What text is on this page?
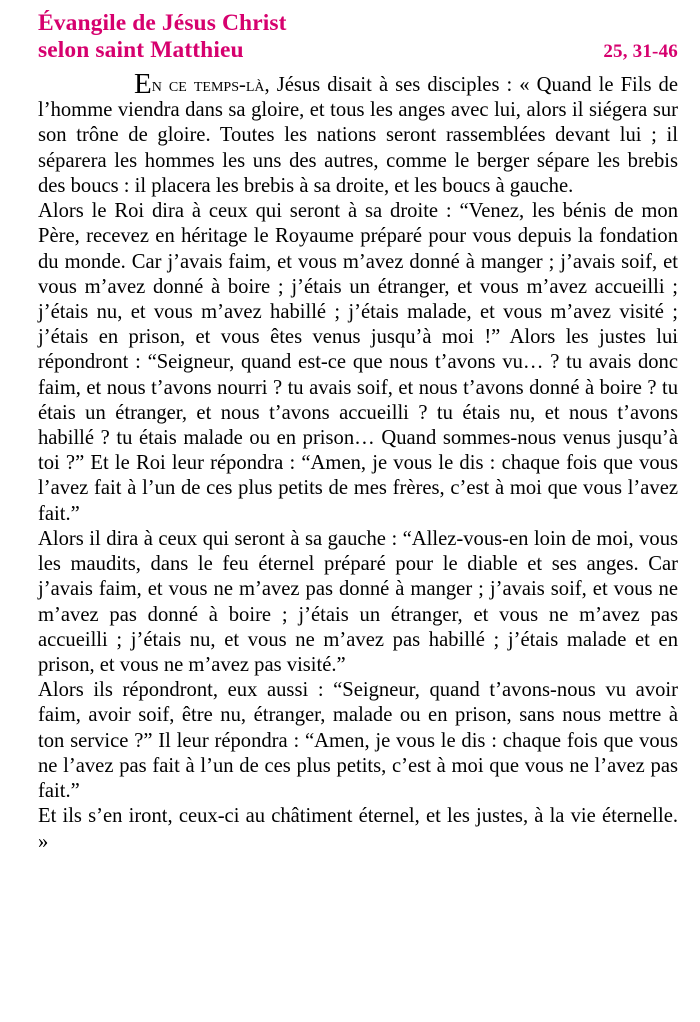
Évangile de Jésus Christ
selon saint Matthieu	25, 31-46

En ce temps-là, Jésus disait à ses disciples : « Quand le Fils de l’homme viendra dans sa gloire, et tous les anges avec lui, alors il siégera sur son trône de gloire. Toutes les nations seront rassemblées devant lui ; il séparera les hommes les uns des autres, comme le berger sépare les brebis des boucs : il placera les brebis à sa droite, et les boucs à gauche.

Alors le Roi dira à ceux qui seront à sa droite : “Venez, les bénis de mon Père, recevez en héritage le Royaume préparé pour vous depuis la fondation du monde. Car j’avais faim, et vous m’avez donné à manger ; j’avais soif, et vous m’avez donné à boire ; j’étais un étranger, et vous m’avez accueilli ; j’étais nu, et vous m’avez habillé ; j’étais malade, et vous m’avez visité ; j’étais en prison, et vous êtes venus jusqu’à moi !” Alors les justes lui répondront : “Seigneur, quand est-ce que nous t’avons vu… ? tu avais donc faim, et nous t’avons nourri ? tu avais soif, et nous t’avons donné à boire ? tu étais un étranger, et nous t’avons accueilli ? tu étais nu, et nous t’avons habillé ? tu étais malade ou en prison… Quand sommes-nous venus jusqu’à toi ?” Et le Roi leur répondra : “Amen, je vous le dis : chaque fois que vous l’avez fait à l’un de ces plus petits de mes frères, c’est à moi que vous l’avez fait.”

Alors il dira à ceux qui seront à sa gauche : “Allez-vous-en loin de moi, vous les maudits, dans le feu éternel préparé pour le diable et ses anges. Car j’avais faim, et vous ne m’avez pas donné à manger ; j’avais soif, et vous ne m’avez pas donné à boire ; j’étais un étranger, et vous ne m’avez pas accueilli ; j’étais nu, et vous ne m’avez pas habillé ; j’étais malade et en prison, et vous ne m’avez pas visité.”

Alors ils répondront, eux aussi : “Seigneur, quand t’avons-nous vu avoir faim, avoir soif, être nu, étranger, malade ou en prison, sans nous mettre à ton service ?” Il leur répondra : “Amen, je vous le dis : chaque fois que vous ne l’avez pas fait à l’un de ces plus petits, c’est à moi que vous ne l’avez pas fait.”

Et ils s’en iront, ceux-ci au châtiment éternel, et les justes, à la vie éternelle. »
